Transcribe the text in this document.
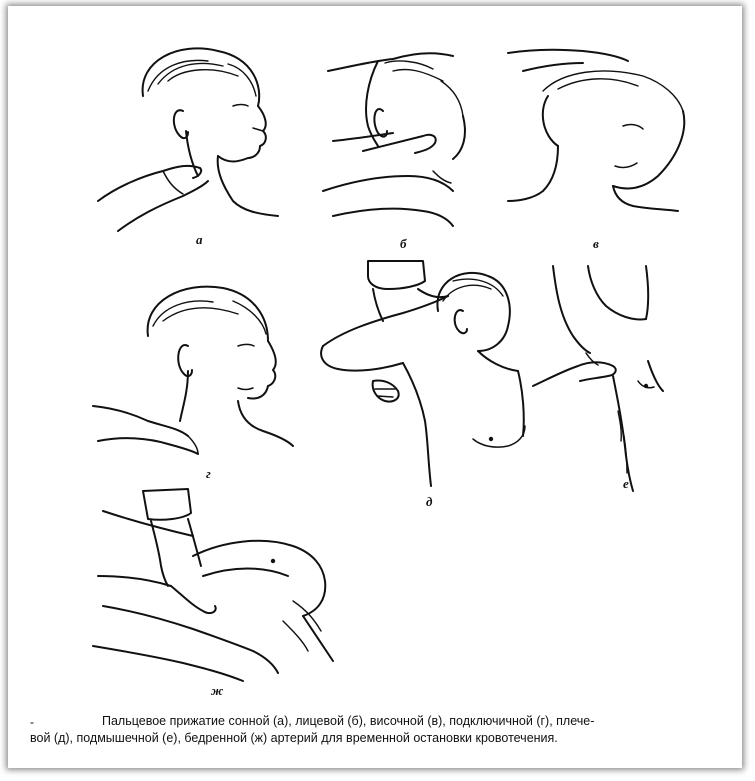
а	б	в
г
д
е
ж
-	Пальцевое прижатие сонной (а), лицевой (б), височной (в), подключичной (г), плече-
вой (д), подмышечной (е), бедренной (ж) артерий для временной остановки кровотечения.
